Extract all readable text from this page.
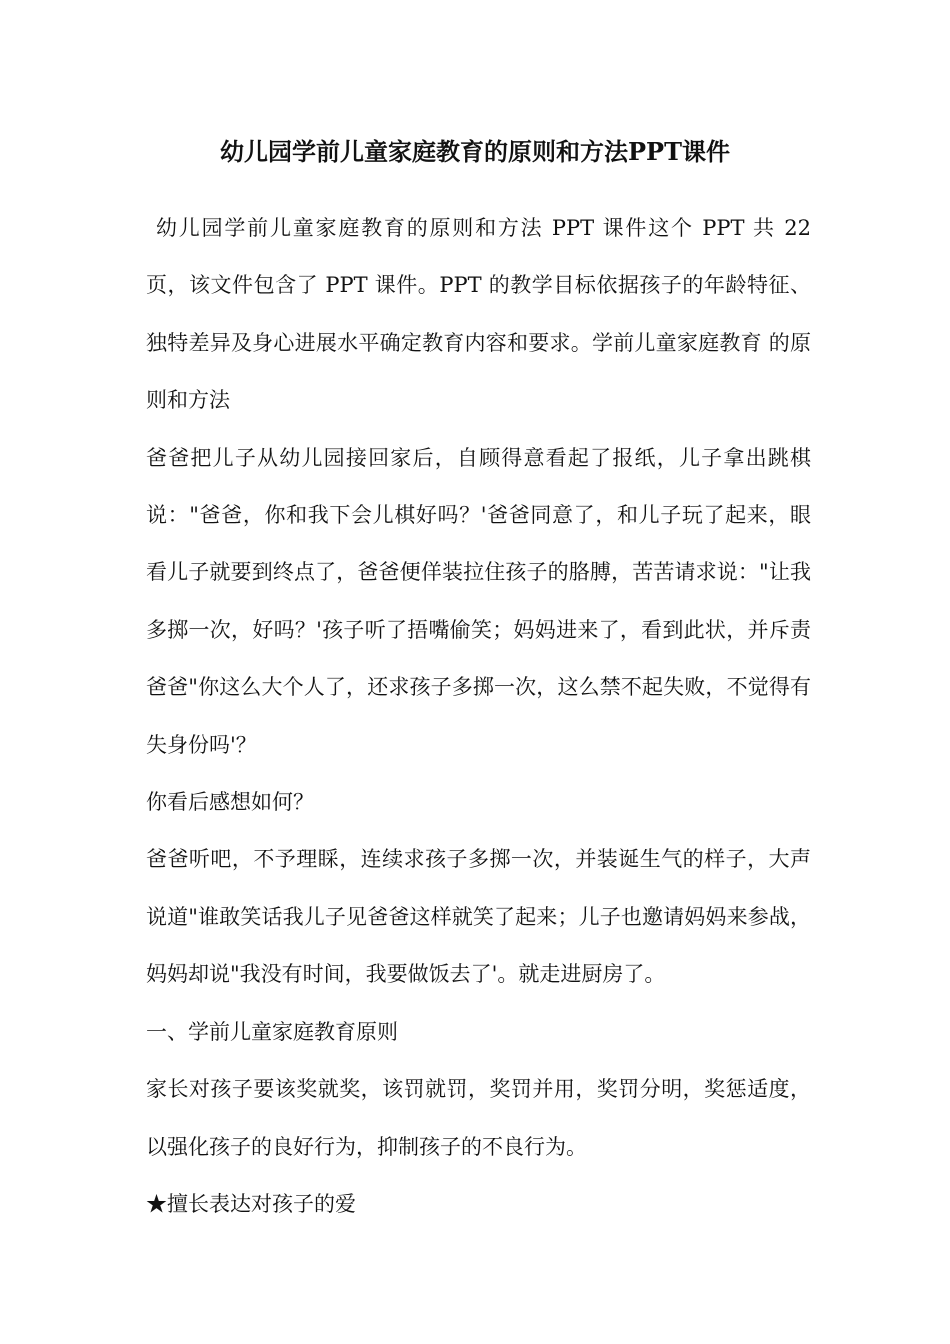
幼儿园学前儿童家庭教育的原则和方法PPT课件

幼儿园学前儿童家庭教育的原则和方法 PPT 课件这个 PPT 共 22 页，该文件包含了 PPT 课件。PPT 的教学目标依据孩子的年龄特征、独特差异及身心进展水平确定教育内容和要求。学前儿童家庭教育 的原则和方法

爸爸把儿子从幼儿园接回家后，自顾得意看起了报纸，儿子拿出跳棋说："爸爸，你和我下会儿棋好吗？'爸爸同意了，和儿子玩了起来，眼看儿子就要到终点了，爸爸便佯装拉住孩子的胳膊，苦苦请求说："让我多掷一次，好吗？'孩子听了捂嘴偷笑；妈妈进来了，看到此状，并斥责爸爸"你这么大个人了，还求孩子多掷一次，这么禁不起失败，不觉得有失身份吗'？

你看后感想如何？

爸爸听吧，不予理睬，连续求孩子多掷一次，并装诞生气的样子，大声说道"谁敢笑话我儿子见爸爸这样就笑了起来；儿子也邀请妈妈来参战，妈妈却说"我没有时间，我要做饭去了'。就走进厨房了。

一、学前儿童家庭教育原则

家长对孩子要该奖就奖，该罚就罚，奖罚并用，奖罚分明，奖惩适度，以强化孩子的良好行为，抑制孩子的不良行为。

★擅长表达对孩子的爱
